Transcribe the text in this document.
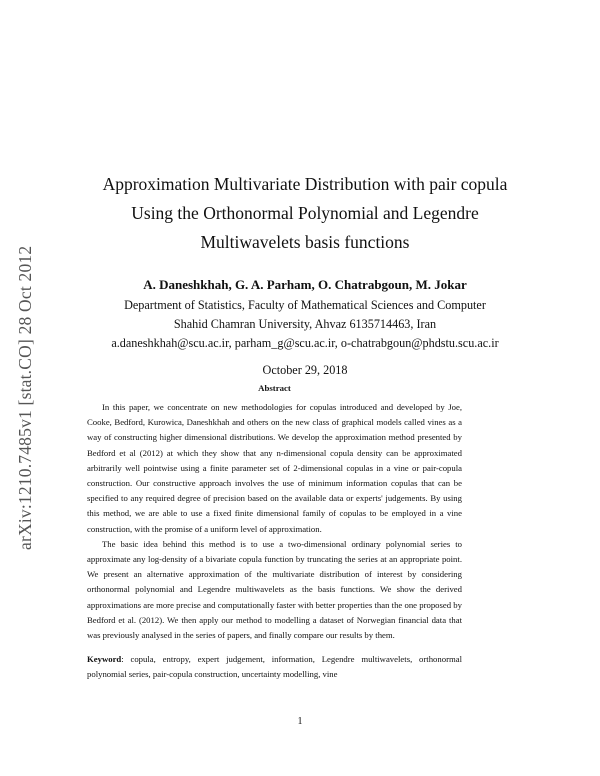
arXiv:1210.7485v1 [stat.CO] 28 Oct 2012
Approximation Multivariate Distribution with pair copula
Using the Orthonormal Polynomial and Legendre
Multiwavelets basis functions
A. Daneshkhah, G. A. Parham, O. Chatrabgoun, M. Jokar
Department of Statistics, Faculty of Mathematical Sciences and Computer
Shahid Chamran University, Ahvaz 6135714463, Iran
a.daneshkhah@scu.ac.ir, parham_g@scu.ac.ir, o-chatrabgoun@phdstu.scu.ac.ir
October 29, 2018
Abstract

In this paper, we concentrate on new methodologies for copulas introduced and developed by Joe, Cooke, Bedford, Kurowica, Daneshkhah and others on the new class of graphical models called vines as a way of constructing higher dimensional distributions. We develop the approximation method presented by Bedford et al (2012) at which they show that any n-dimensional copula density can be approximated arbitrarily well pointwise using a finite parameter set of 2-dimensional copulas in a vine or pair-copula construction. Our constructive approach involves the use of minimum information copulas that can be specified to any required degree of precision based on the available data or experts' judgements. By using this method, we are able to use a fixed finite dimensional family of copulas to be employed in a vine construction, with the promise of a uniform level of approximation.

The basic idea behind this method is to use a two-dimensional ordinary polynomial series to approximate any log-density of a bivariate copula function by truncating the series at an appropriate point. We present an alternative approximation of the multivariate distribution of interest by considering orthonormal polynomial and Legendre multiwavelets as the basis functions. We show the derived approximations are more precise and computationally faster with better properties than the one proposed by Bedford et al. (2012). We then apply our method to modelling a dataset of Norwegian financial data that was previously analysed in the series of papers, and finally compare our results by them.

Keyword: copula, entropy, expert judgement, information, Legendre multiwavelets, orthonormal polynomial series, pair-copula construction, uncertainty modelling, vine
1
